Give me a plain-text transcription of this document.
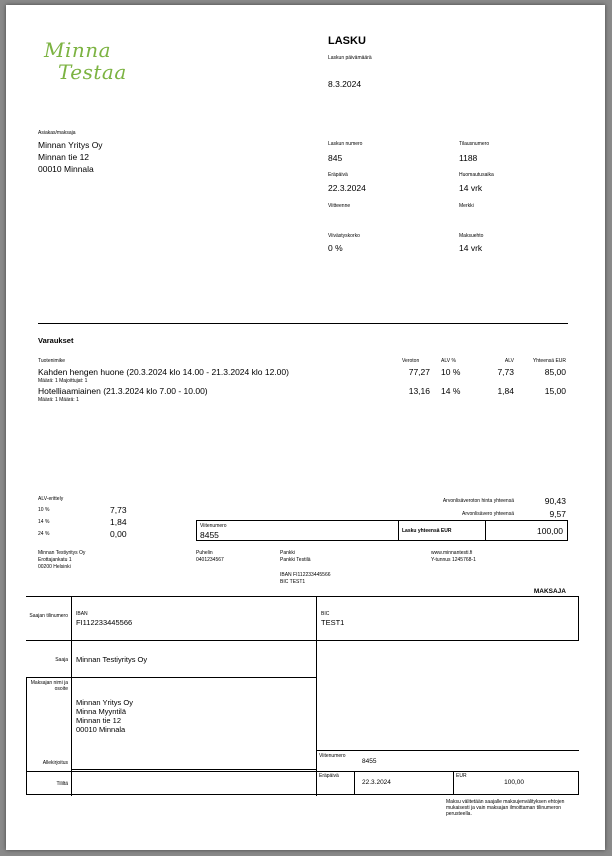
Minna
Testaa
LASKU
Laskun päivämäärä
8.3.2024
Asiakas/maksaja
Minnan Yritys Oy
Minnan tie 12
00010 Minnala
Laskun numero
845
Tilausnumero
1188
Eräpäivä
22.3.2024
Huomautusaika
14 vrk
Viitteenne	Merkki
Viivästyskorko
0 %
Maksuehto
14 vrk
Varaukset
Tuotenimike	Veroton	ALV %	ALV	Yhteensä EUR
Kahden hengen huone (20.3.2024 klo 14.00 - 21.3.2024 klo 12.00)
Määrä: 1 Majoittujat: 1
77,27 10 %	7,73	85,00
Hotelliaamiainen (21.3.2024 klo 7.00 - 10.00)
Määrä: 1 Määrä: 1
13,16 14 %	1,84	15,00
ALV-erittely
10 %	7,73
14 %	1,84
24 %	0,00
Arvonlisäveroton hinta yhteensä	90,43
Arvonlisävero yhteensä	9,57
Viitenumero
8455	Lasku yhteensä EUR	100,00
Minnan Testiyritys Oy
Erottajankatu 1
00200 Helsinki
Puhelin
0401234567
Pankki
Pankki Testilä
IBAN FI112233445566
BIC TEST1
www.minnantesti.fi
Y-tunnus 1245768-1
MAKSAJA
Saajan tilinumero IBAN
FI112233445566
BIC
TEST1
Saaja Minnan Testiyritys Oy
Maksajan nimi ja osoite
Minnan Yritys Oy
Minna Myyntilä
Minnan tie 12
00010 Minnala
Allekirjoitus
Viitenumero
8455
Tililtä
Eräpäivä
22.3.2024
EUR
100,00
Maksu välitetään saajalle maksujenvälityksen ehtojen mukaisesti ja vain maksajan ilmoittaman tilinumeron perusteella.
